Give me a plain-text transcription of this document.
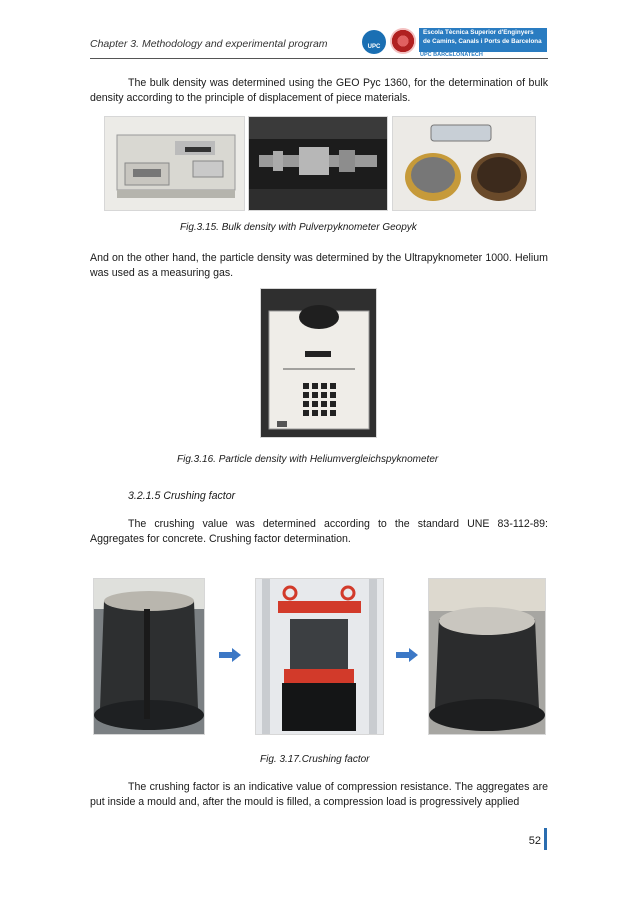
Chapter 3. Methodology and experimental program	UPC
Escola Tècnica Superior d'Enginyers
de Camins, Canals i Ports de Barcelona
UPC BARCELONATECH
The bulk density was determined using the GEO Pyc 1360, for the determination of bulk density according to the principle of displacement of piece materials.
Fig.3.15. Bulk density with Pulverpyknometer Geopyk
And on the other hand, the particle density was determined by the Ultrapyknometer 1000. Helium was used as a measuring gas.
Fig.3.16. Particle density with Heliumvergleichspyknometer
3.2.1.5 Crushing factor
The crushing value was determined according to the standard UNE 83-112-89: Aggregates for concrete. Crushing factor determination.
Fig. 3.17.Crushing factor
The crushing factor is an indicative value of compression resistance. The aggregates are put inside a mould and, after the mould is filled, a compression load is progressively applied
52
